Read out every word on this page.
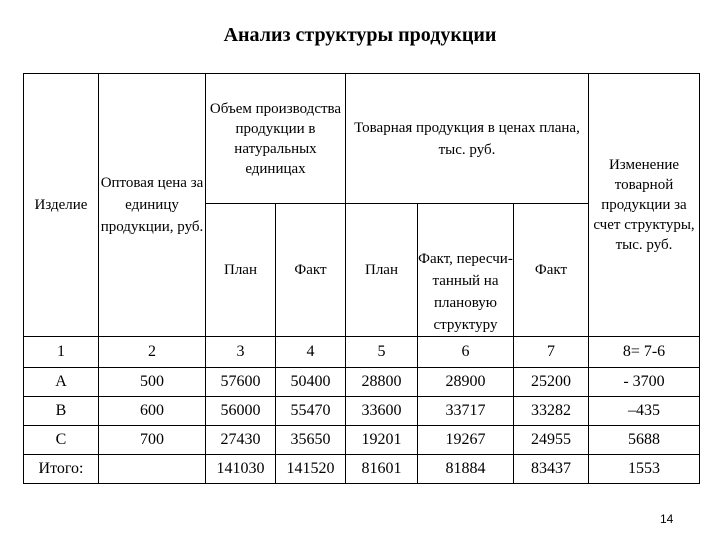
Анализ структуры продукции
Изделие	Оптовая цена за единицу продукции, руб.	Объем производства продукции в натуральных единицах		Товарная продукция в ценах плана, тыс. руб.			Изменение товарной продукции за счет структуры, тыс. руб.
		План	Факт	План	Факт, пересчи-танный на плановую структуру	Факт	
1	2	3	4	5	6	7	8= 7-6
А	500	57600	50400	28800	28900	25200	- 3700
В	600	56000	55470	33600	33717	33282	–435
С	700	27430	35650	19201	19267	24955	5688
Итого:		141030	141520	81601	81884	83437	1553
14
